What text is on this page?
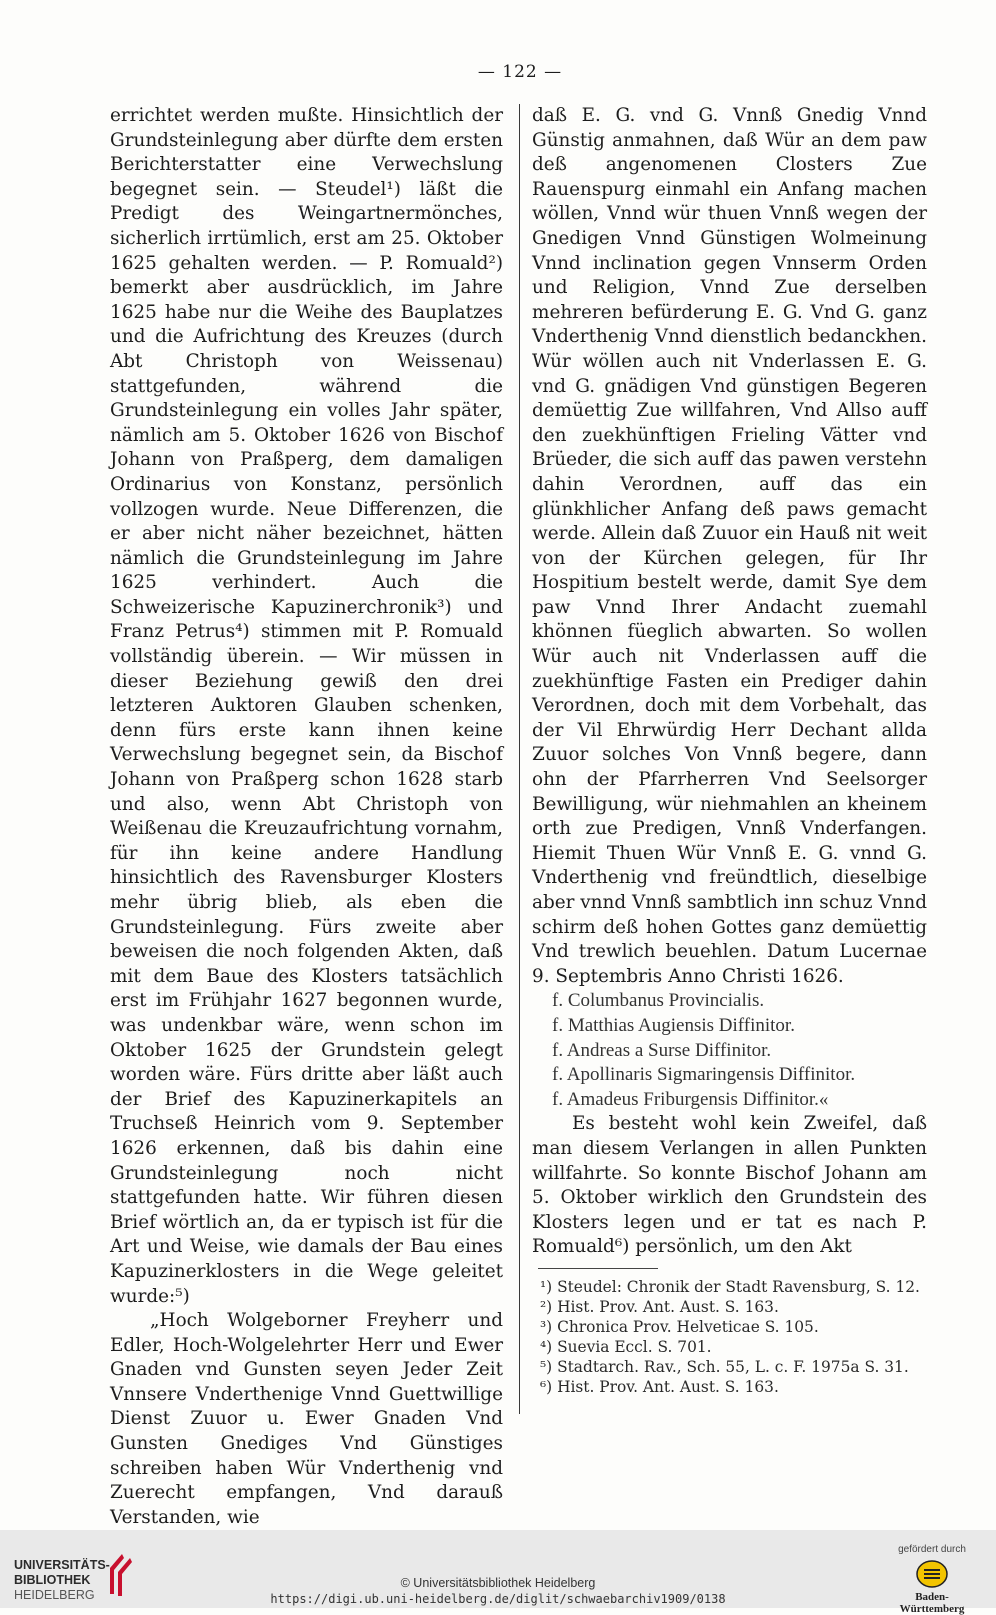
— 122 —

errichtet werden mußte. Hinsichtlich der Grundsteinlegung aber dürfte dem ersten Berichterstatter eine Verwechslung begegnet sein. — Steudel¹) läßt die Predigt des Weingartnermönches, sicherlich irrtümlich, erst am 25. Oktober 1625 gehalten werden. — P. Romuald²) bemerkt aber ausdrücklich, im Jahre 1625 habe nur die Weihe des Bauplatzes und die Aufrichtung des Kreuzes (durch Abt Christoph von Weissenau) stattgefunden, während die Grundsteinlegung ein volles Jahr später, nämlich am 5. Oktober 1626 von Bischof Johann von Praßperg, dem damaligen Ordinarius von Konstanz, persönlich vollzogen wurde. Neue Differenzen, die er aber nicht näher bezeichnet, hätten nämlich die Grundsteinlegung im Jahre 1625 verhindert. Auch die Schweizerische Kapuzinerchronik³) und Franz Petrus⁴) stimmen mit P. Romuald vollständig überein. — Wir müssen in dieser Beziehung gewiß den drei letzteren Auktoren Glauben schenken, denn fürs erste kann ihnen keine Verwechslung begegnet sein, da Bischof Johann von Praßperg schon 1628 starb und also, wenn Abt Christoph von Weißenau die Kreuzaufrichtung vornahm, für ihn keine andere Handlung hinsichtlich des Ravensburger Klosters mehr übrig blieb, als eben die Grundsteinlegung. Fürs zweite aber beweisen die noch folgenden Akten, daß mit dem Baue des Klosters tatsächlich erst im Frühjahr 1627 begonnen wurde, was undenkbar wäre, wenn schon im Oktober 1625 der Grundstein gelegt worden wäre. Fürs dritte aber läßt auch der Brief des Kapuzinerkapitels an Truchseß Heinrich vom 9. September 1626 erkennen, daß bis dahin eine Grundsteinlegung noch nicht stattgefunden hatte. Wir führen diesen Brief wörtlich an, da er typisch ist für die Art und Weise, wie damals der Bau eines Kapuzinerklosters in die Wege geleitet wurde:⁵)

„Hoch Wolgeborner Freyherr und Edler, Hoch-Wolgelehrter Herr und Ewer Gnaden vnd Gunsten seyen Jeder Zeit Vnnsere Vnderthenige Vnnd Guettwillige Dienst Zuuor u. Ewer Gnaden Vnd Gunsten Gnediges Vnd Günstiges schreiben haben Wür Vnderthenig vnd Zuerecht empfangen, Vnd darauß Verstanden, wie

daß E. G. vnd G. Vnnß Gnedig Vnnd Günstig anmahnen, daß Wür an dem paw deß angenomenen Closters Zue Rauenspurg einmahl ein Anfang machen wöllen, Vnnd wür thuen Vnnß wegen der Gnedigen Vnnd Günstigen Wolmeinung Vnnd inclination gegen Vnnserm Orden und Religion, Vnnd Zue derselben mehreren befürderung E. G. Vnd G. ganz Vnderthenig Vnnd dienstlich bedanckhen. Wür wöllen auch nit Vnderlassen E. G. vnd G. gnädigen Vnd günstigen Begeren demüettig Zue willfahren, Vnd Allso auff den zuekhünftigen Frieling Vätter vnd Brüeder, die sich auff das pawen verstehn dahin Verordnen, auff das ein glünkhlicher Anfang deß paws gemacht werde. Allein daß Zuuor ein Hauß nit weit von der Kürchen gelegen, für Ihr Hospitium bestelt werde, damit Sye dem paw Vnnd Ihrer Andacht zuemahl khönnen füeglich abwarten. So wollen Wür auch nit Vnderlassen auff die zuekhünftige Fasten ein Prediger dahin Verordnen, doch mit dem Vorbehalt, das der Vil Ehrwürdig Herr Dechant allda Zuuor solches Von Vnnß begere, dann ohn der Pfarrherren Vnd Seelsorger Bewilligung, wür niehmahlen an kheinem orth zue Predigen, Vnnß Vnderfangen. Hiemit Thuen Wür Vnnß E. G. vnnd G. Vnderthenig vnd freündtlich, dieselbige aber vnnd Vnnß sambtlich inn schuz Vnnd schirm deß hohen Gottes ganz demüettig Vnd trewlich beuehlen. Datum Lucernae 9. Septembris Anno Christi 1626.

f. Columbanus Provincialis.
f. Matthias Augiensis Diffinitor.
f. Andreas a Surse Diffinitor.
f. Apollinaris Sigmaringensis Diffinitor.
f. Amadeus Friburgensis Diffinitor.«

Es besteht wohl kein Zweifel, daß man diesem Verlangen in allen Punkten willfahrte. So konnte Bischof Johann am 5. Oktober wirklich den Grundstein des Klosters legen und er tat es nach P. Romuald⁶) persönlich, um den Akt

¹) Steudel: Chronik der Stadt Ravensburg, S. 12.
²) Hist. Prov. Ant. Aust. S. 163.
³) Chronica Prov. Helveticae S. 105.
⁴) Suevia Eccl. S. 701.
⁵) Stadtarch. Rav., Sch. 55, L. c. F. 1975a S. 31.
⁶) Hist. Prov. Ant. Aust. S. 163.
UNIVERSITÄTS-
BIBLIOTHEK
HEIDELBERG
© Universitätsbibliothek Heidelberg
https://digi.ub.uni-heidelberg.de/diglit/schwaebarchiv1909/0138
gefördert durch
Baden-Württemberg
